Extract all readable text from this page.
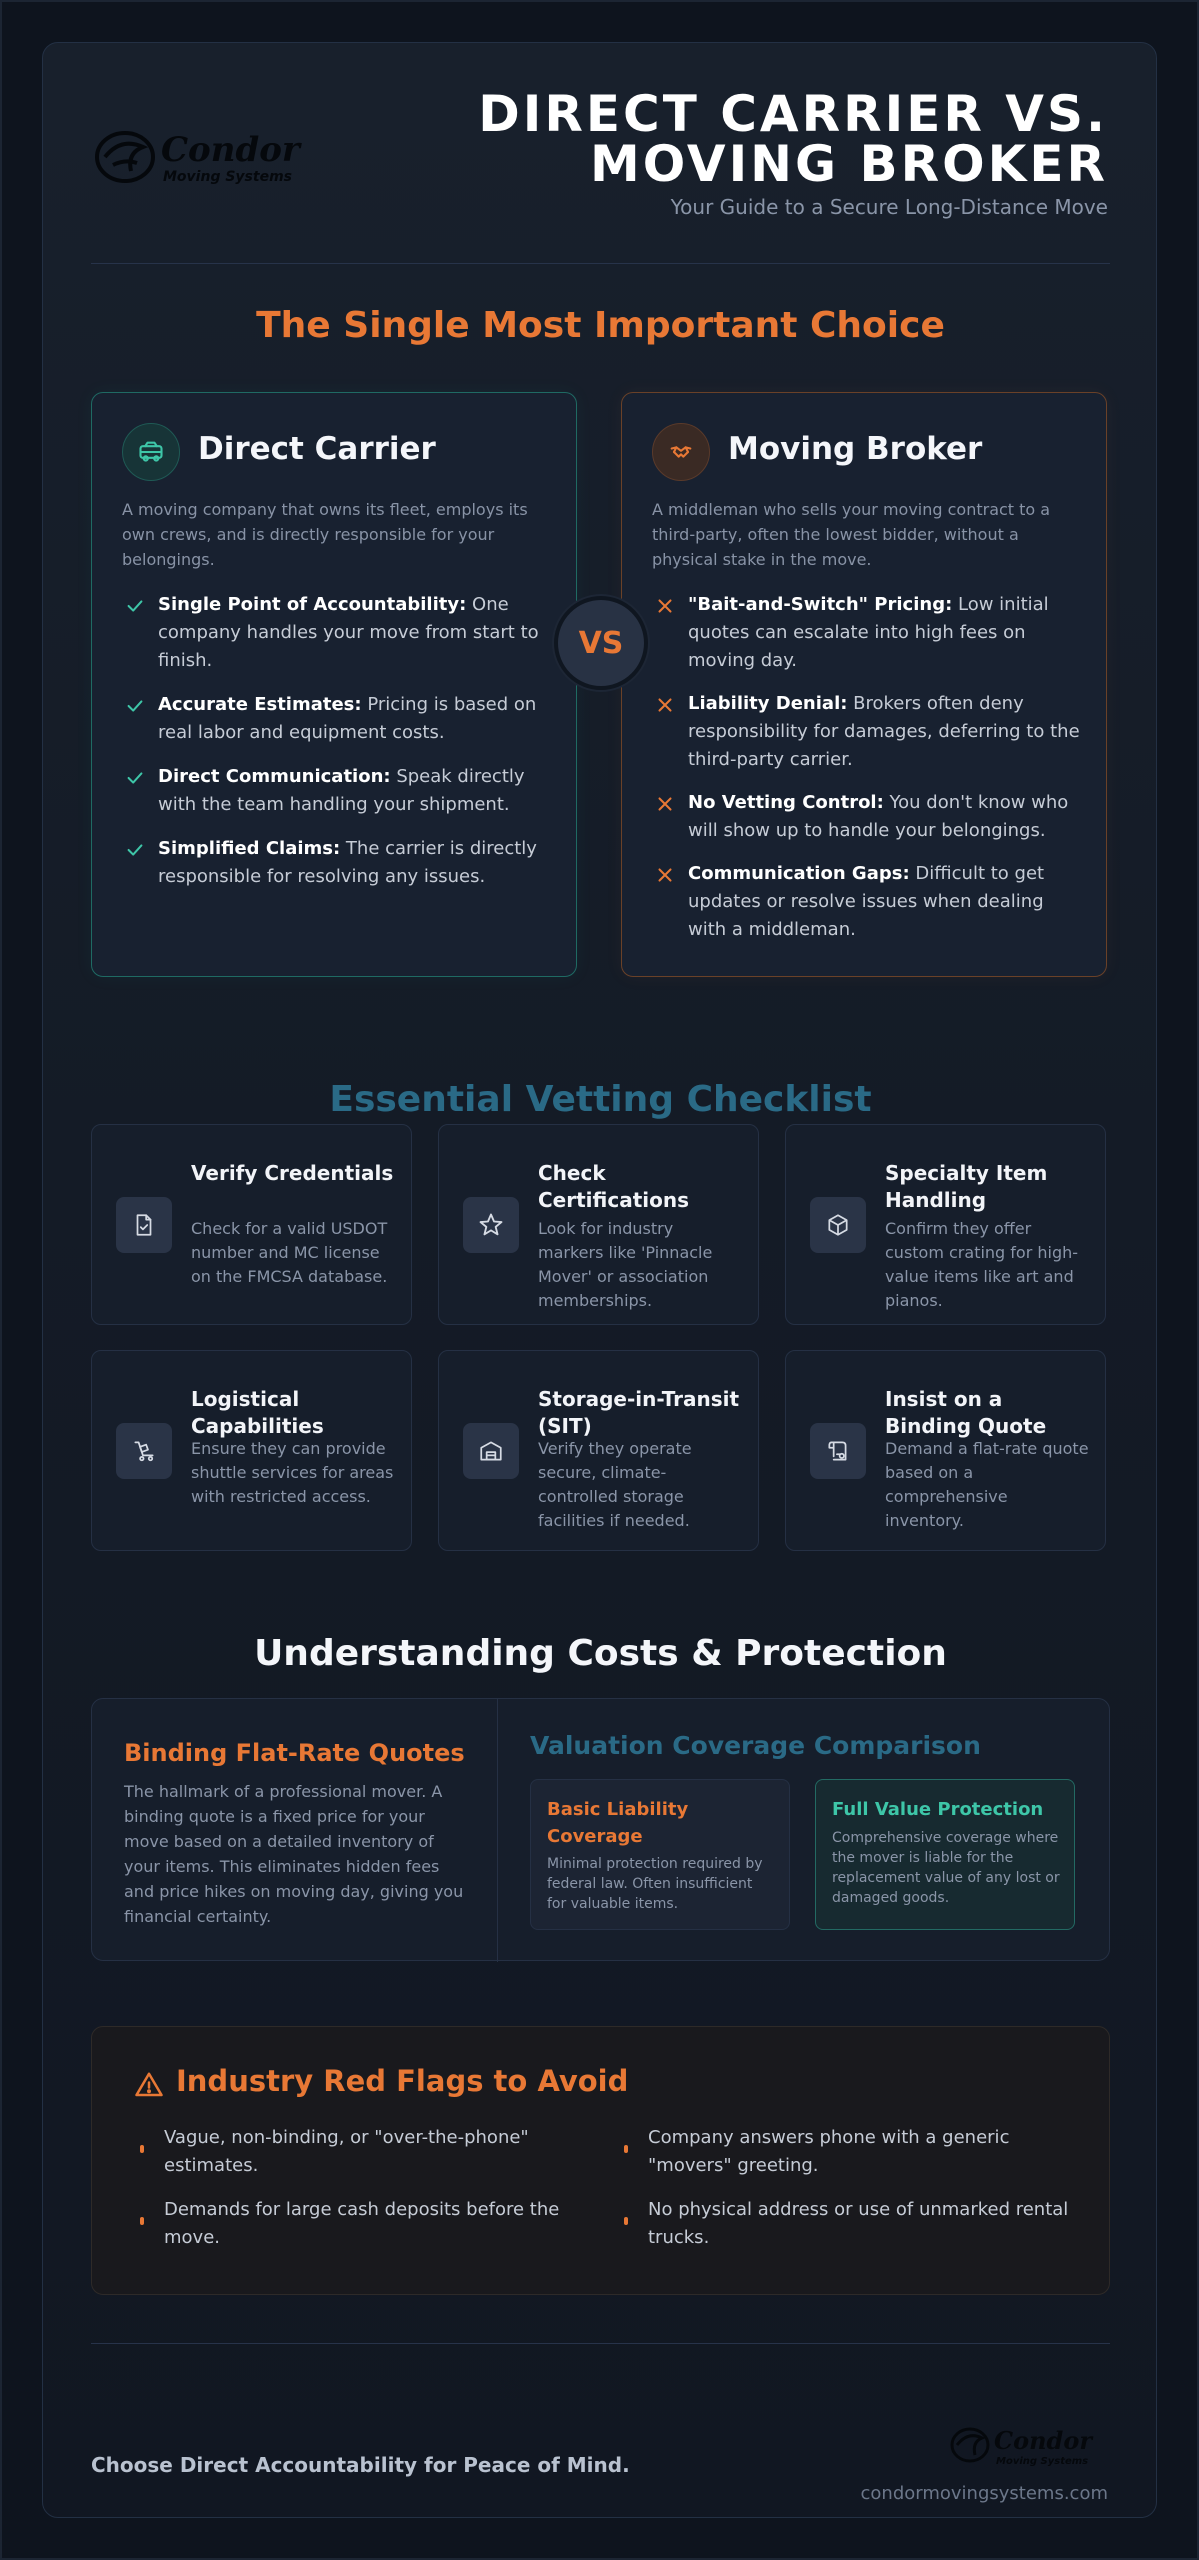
Condor
Moving Systems
DIRECT CARRIER VS.
MOVING BROKER
Your Guide to a Secure Long-Distance Move
The Single Most Important Choice
Direct Carrier
A moving company that owns its fleet, employs its own crews, and is directly responsible for your belongings.
Single Point of Accountability: One company handles your move from start to finish.
Accurate Estimates: Pricing is based on real labor and equipment costs.
Direct Communication: Speak directly with the team handling your shipment.
Simplified Claims: The carrier is directly responsible for resolving any issues.
Moving Broker
A middleman who sells your moving contract to a third-party, often the lowest bidder, without a physical stake in the move.
"Bait-and-Switch" Pricing: Low initial quotes can escalate into high fees on moving day.
Liability Denial: Brokers often deny responsibility for damages, deferring to the third-party carrier.
No Vetting Control: You don't know who will show up to handle your belongings.
Communication Gaps: Difficult to get updates or resolve issues when dealing with a middleman.
VS
Essential Vetting Checklist
Verify Credentials
Check for a valid USDOT number and MC license on the FMCSA database.
Check Certifications
Look for industry markers like 'Pinnacle Mover' or association memberships.
Specialty Item Handling
Confirm they offer custom crating for high-value items like art and pianos.
Logistical Capabilities
Ensure they can provide shuttle services for areas with restricted access.
Storage-in-Transit (SIT)
Verify they operate secure, climate-controlled storage facilities if needed.
Insist on a Binding Quote
Demand a flat-rate quote based on a comprehensive inventory.
Understanding Costs & Protection
Binding Flat-Rate Quotes
The hallmark of a professional mover. A binding quote is a fixed price for your move based on a detailed inventory of your items. This eliminates hidden fees and price hikes on moving day, giving you financial certainty.
Valuation Coverage Comparison
Basic Liability Coverage
Minimal protection required by federal law. Often insufficient for valuable items.
Full Value Protection
Comprehensive coverage where the mover is liable for the replacement value of any lost or damaged goods.
Industry Red Flags to Avoid
Vague, non-binding, or "over-the-phone" estimates.
Company answers phone with a generic "movers" greeting.
Demands for large cash deposits before the move.
No physical address or use of unmarked rental trucks.
Choose Direct Accountability for Peace of Mind.
Condor
Moving Systems
condormovingsystems.com
